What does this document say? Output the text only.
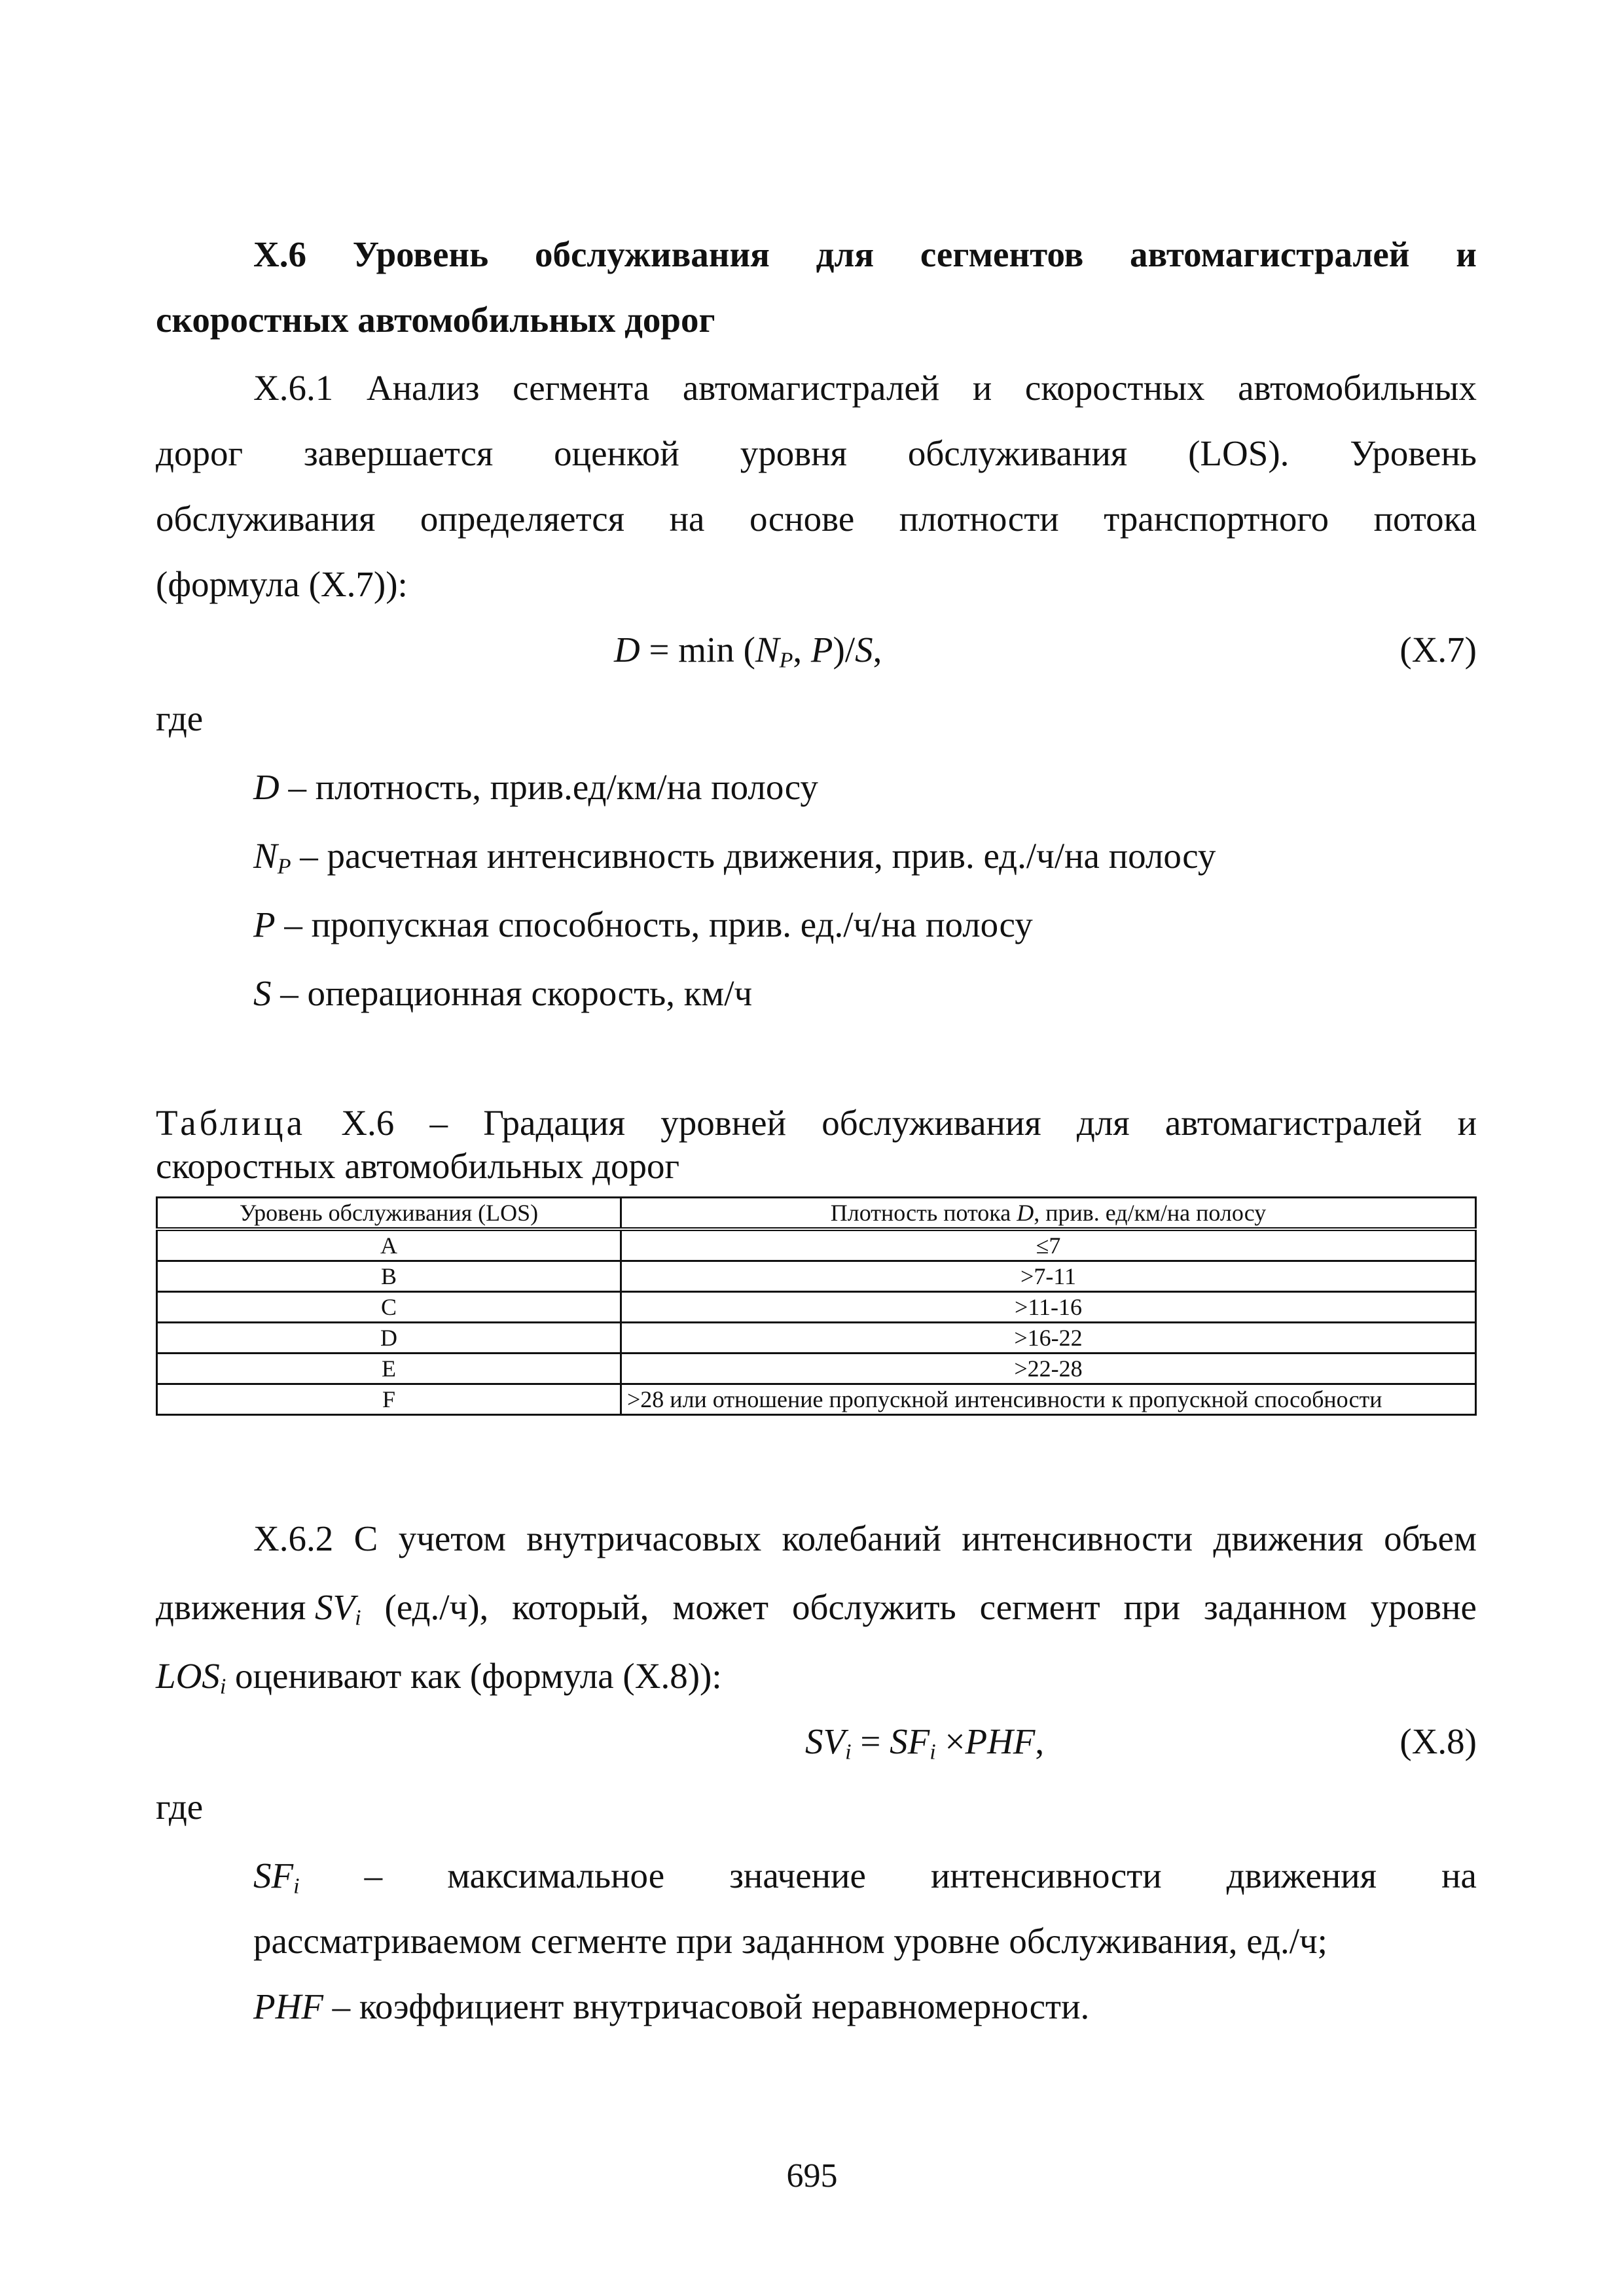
Х.6 Уровень обслуживания для сегментов автомагистралей и
скоростных автомобильных дорог
Х.6.1 Анализ сегмента автомагистралей и скоростных автомобильных
дорог завершается оценкой уровня обслуживания (LOS). Уровень
обслуживания определяется на основе плотности транспортного потока
(формула (Х.7)):
$D = \min (N_P$, P)/S,	(Х.7)
где
D – плотность, прив.ед/км/на полосу
$N_P$ – расчетная интенсивность движения, прив. ед./ч/на полосу
P – пропускная способность, прив. ед./ч/на полосу
S – операционная скорость, км/ч
Таблица Х.6 – Градация уровней обслуживания для автомагистралей и
скоростных автомобильных дорог
Уровень обслуживания (LOS)	Плотность потока D, прив. ед/км/на полосу
A	≤7
B	>7-11
C	>11-16
D	>16-22
E	>22-28
F	>28 или отношение пропускной интенсивности к пропускной способности
Х.6.2 С учетом внутричасовых колебаний интенсивности движения объем
движения $SV_i$ (ед./ч), который, может обслужить сегмент при заданном уровне
$LOS_i$ оценивают как (формула (Х.8)):
$SV_i = SF_i \times PHF$,	(Х.8)
где
$SF_i$ – максимальное значение интенсивности движения на
рассматриваемом сегменте при заданном уровне обслуживания, ед./ч;
PHF – коэффициент внутричасовой неравномерности.
695
